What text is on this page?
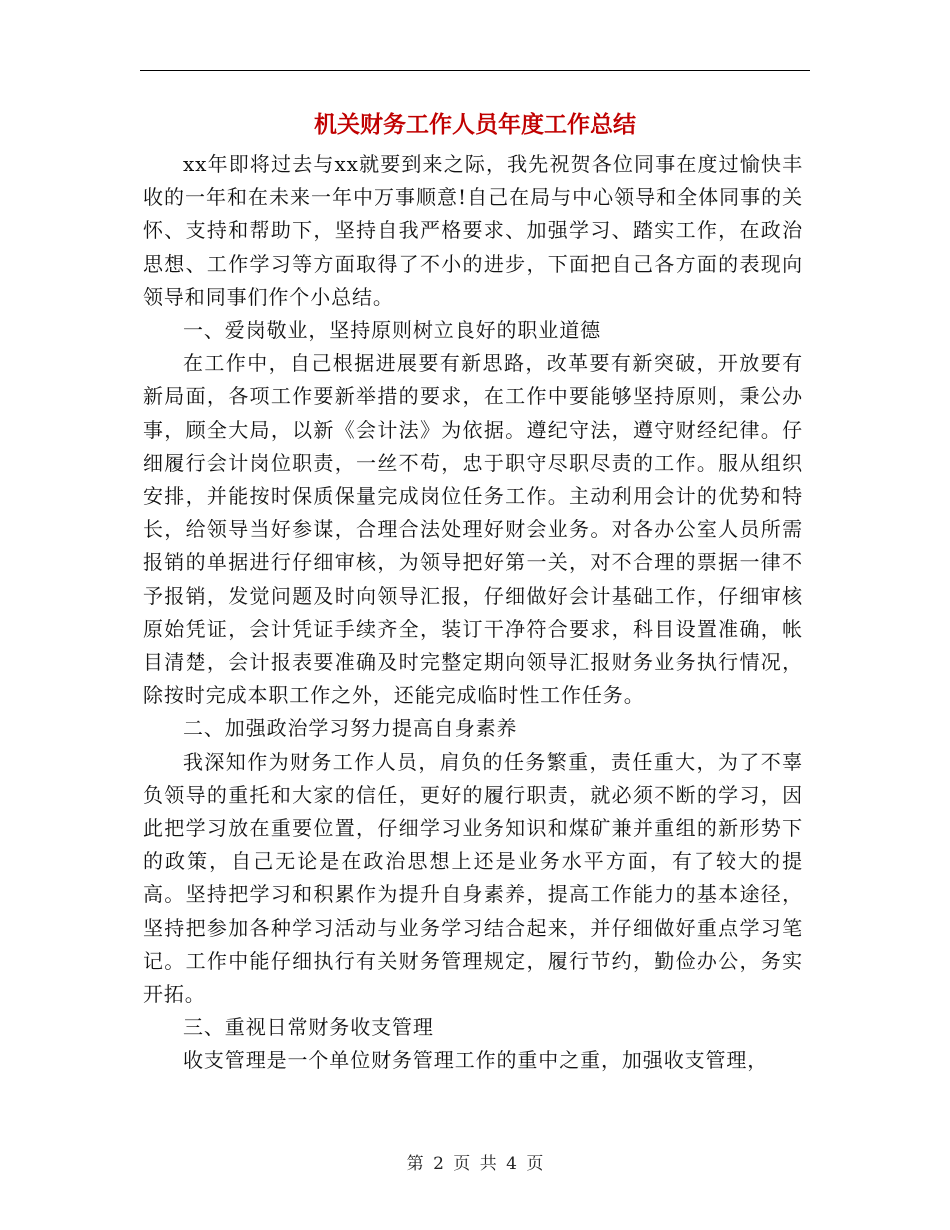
机关财务工作人员年度工作总结

xx年即将过去与xx就要到来之际，我先祝贺各位同事在度过愉快丰收的一年和在未来一年中万事顺意!自己在局与中心领导和全体同事的关怀、支持和帮助下，坚持自我严格要求、加强学习、踏实工作，在政治思想、工作学习等方面取得了不小的进步，下面把自己各方面的表现向领导和同事们作个小总结。

一、爱岗敬业，坚持原则树立良好的职业道德

在工作中，自己根据进展要有新思路，改革要有新突破，开放要有新局面，各项工作要新举措的要求，在工作中要能够坚持原则，秉公办事，顾全大局，以新《会计法》为依据。遵纪守法，遵守财经纪律。仔细履行会计岗位职责，一丝不苟，忠于职守尽职尽责的工作。服从组织安排，并能按时保质保量完成岗位任务工作。主动利用会计的优势和特长，给领导当好参谋，合理合法处理好财会业务。对各办公室人员所需报销的单据进行仔细审核，为领导把好第一关，对不合理的票据一律不予报销，发觉问题及时向领导汇报，仔细做好会计基础工作，仔细审核原始凭证，会计凭证手续齐全，装订干净符合要求，科目设置准确，帐目清楚，会计报表要准确及时完整定期向领导汇报财务业务执行情况，除按时完成本职工作之外，还能完成临时性工作任务。

二、加强政治学习努力提高自身素养

我深知作为财务工作人员，肩负的任务繁重，责任重大，为了不辜负领导的重托和大家的信任，更好的履行职责，就必须不断的学习，因此把学习放在重要位置，仔细学习业务知识和煤矿兼并重组的新形势下的政策，自己无论是在政治思想上还是业务水平方面，有了较大的提高。坚持把学习和积累作为提升自身素养，提高工作能力的基本途径，坚持把参加各种学习活动与业务学习结合起来，并仔细做好重点学习笔记。工作中能仔细执行有关财务管理规定，履行节约，勤俭办公，务实开拓。

三、重视日常财务收支管理

收支管理是一个单位财务管理工作的重中之重，加强收支管理，

第 2 页 共 4 页
